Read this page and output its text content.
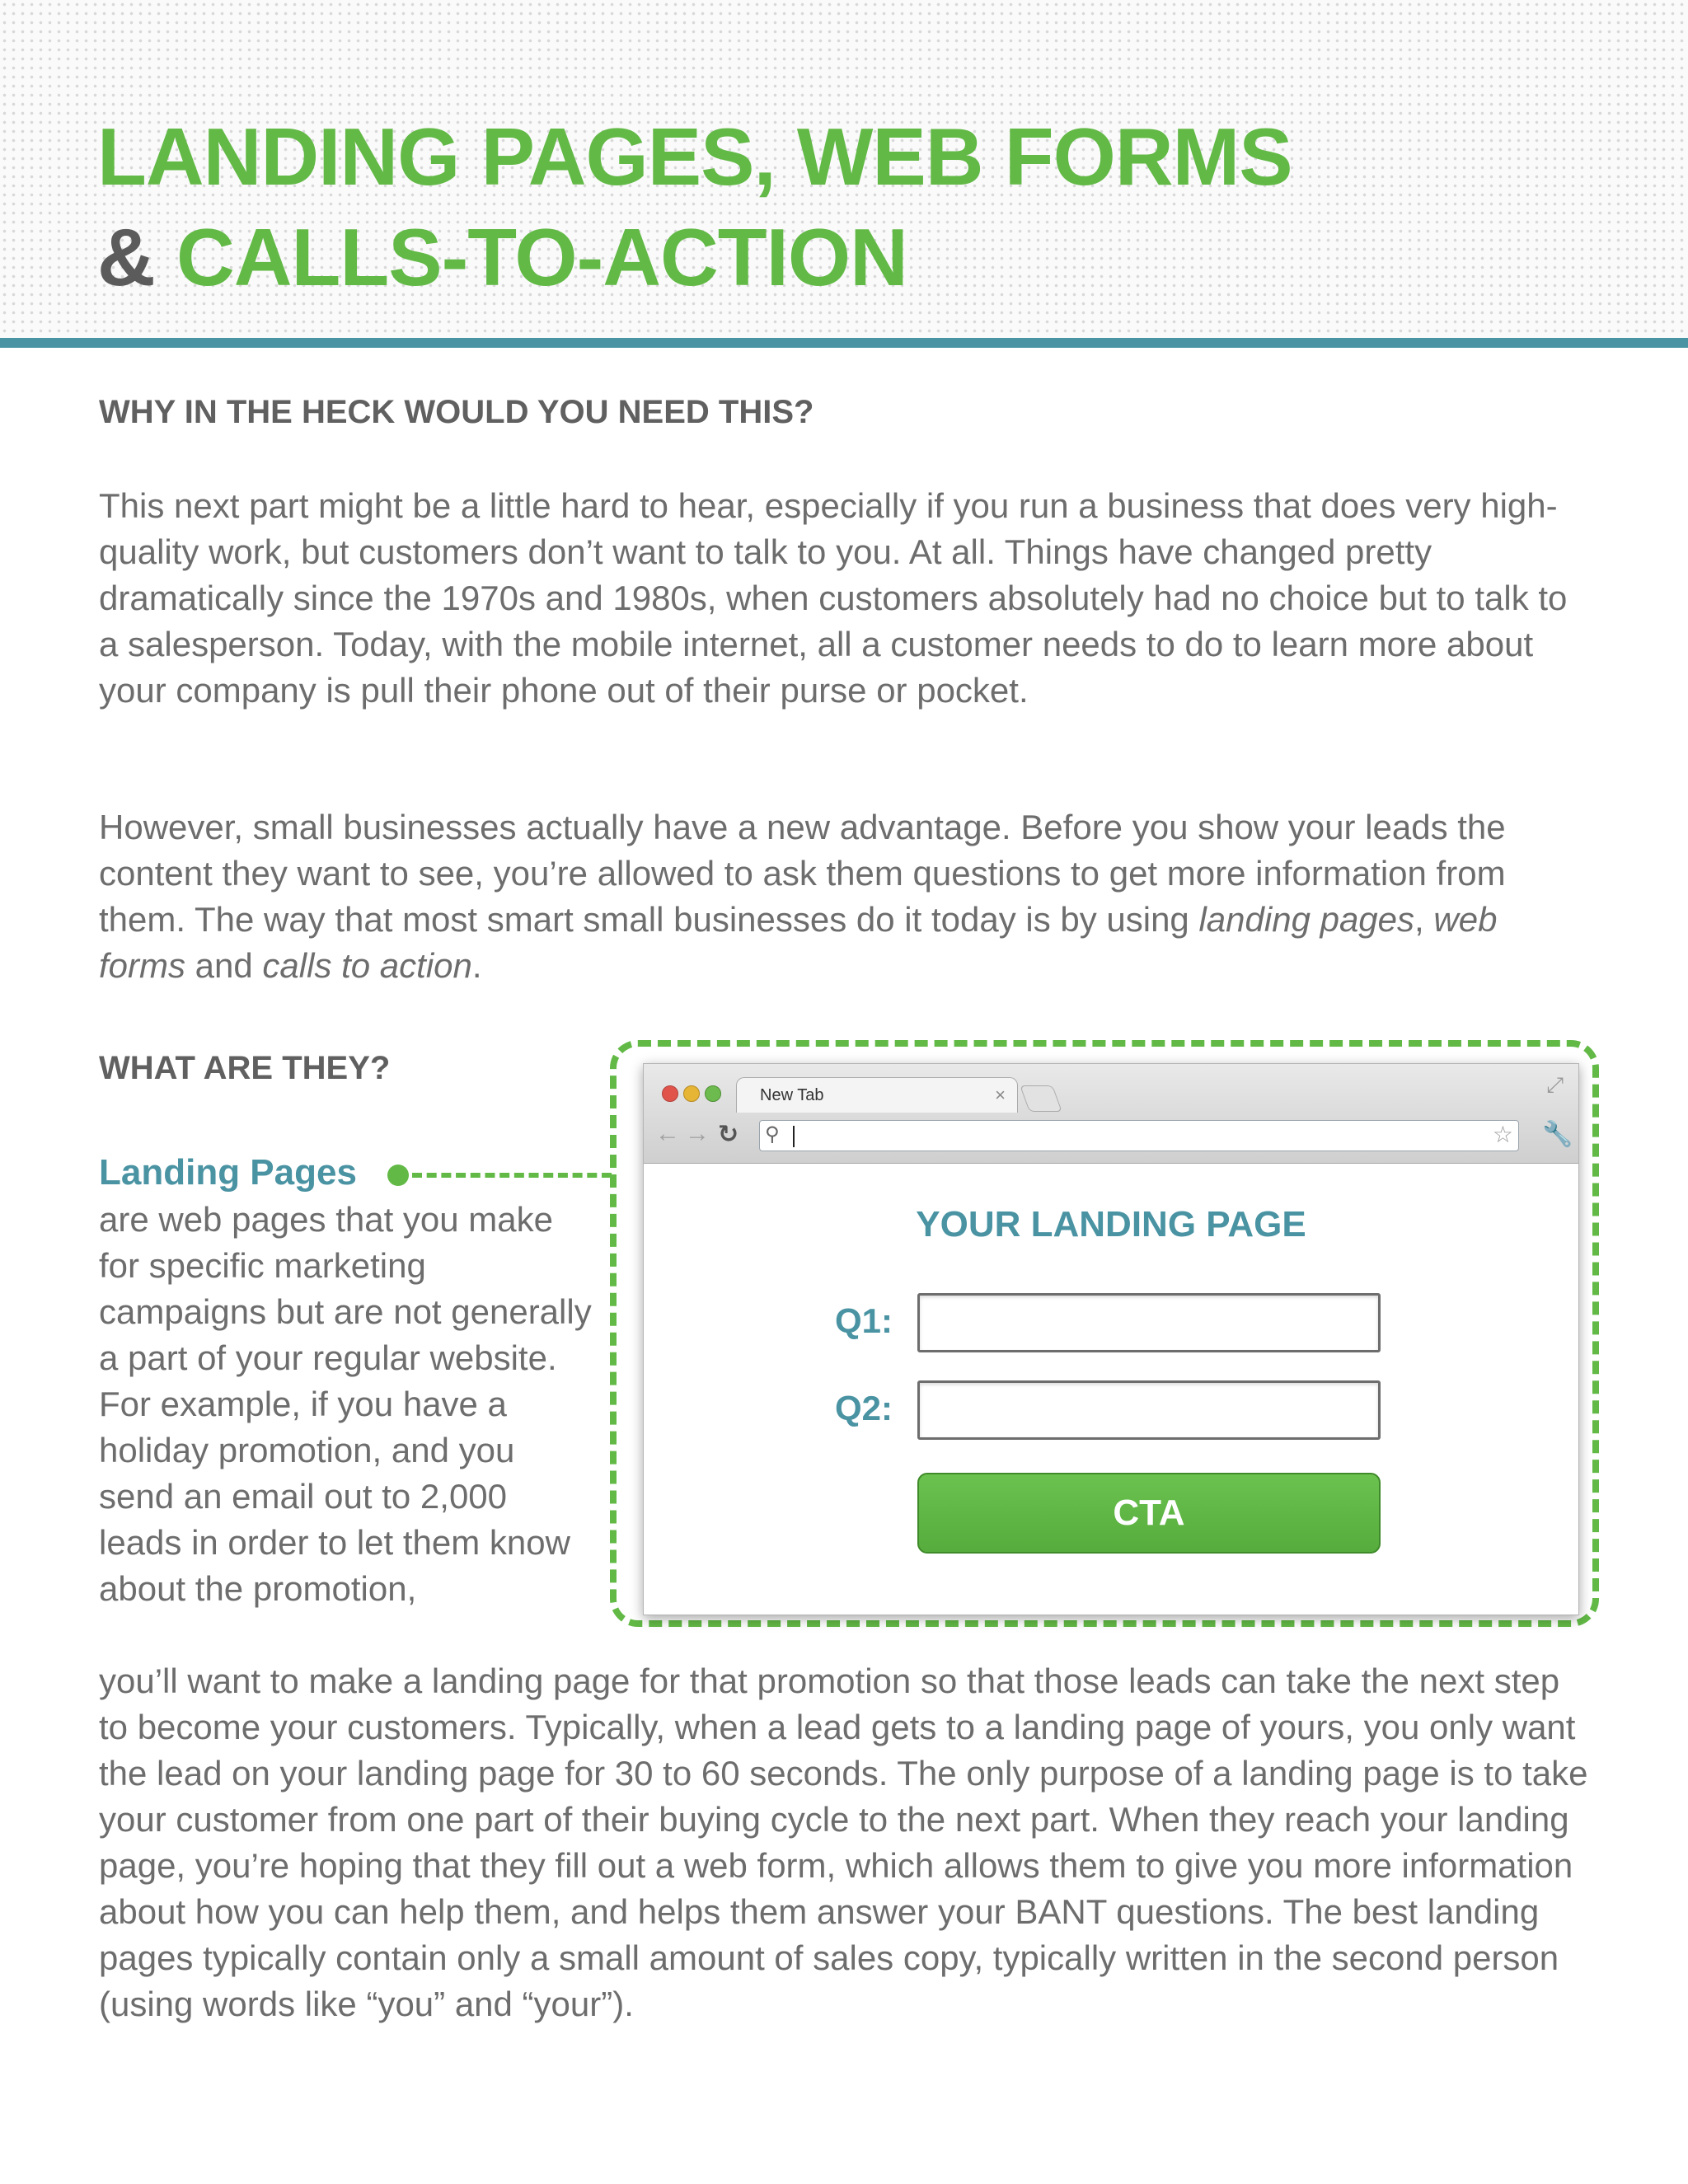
LANDING PAGES, WEB FORMS
& CALLS-TO-ACTION
WHY IN THE HECK WOULD YOU NEED THIS?

This next part might be a little hard to hear, especially if you run a business that does very high-quality work, but customers don’t want to talk to you. At all. Things have changed pretty dramatically since the 1970s and 1980s, when customers absolutely had no choice but to talk to a salesperson. Today, with the mobile internet, all a customer needs to do to learn more about your company is pull their phone out of their purse or pocket.

However, small businesses actually have a new advantage. Before you show your leads the content they want to see, you’re allowed to ask them questions to get more information from them. The way that most smart small businesses do it today is by using landing pages, web forms and calls to action.

WHAT ARE THEY?
Landing Pages

are web pages that you make for specific marketing campaigns but are not generally a part of your regular website. For example, if you have a holiday promotion, and you send an email out to 2,000 leads in order to let them know about the promotion,

you’ll want to make a landing page for that promotion so that those leads can take the next step to become your customers. Typically, when a lead gets to a landing page of yours, you only want the lead on your landing page for 30 to 60 seconds. The only purpose of a landing page is to take your customer from one part of their buying cycle to the next part. When they reach your landing page, you’re hoping that they fill out a web form, which allows them to give you more information about how you can help them, and helps them answer your BANT questions. The best landing pages typically contain only a small amount of sales copy, typically written in the second person (using words like “you” and “your”).

New Tab	×	⤢
← → ↻ ⚲	☆ 🔧
YOUR LANDING PAGE
Q1:
Q2:
CTA
